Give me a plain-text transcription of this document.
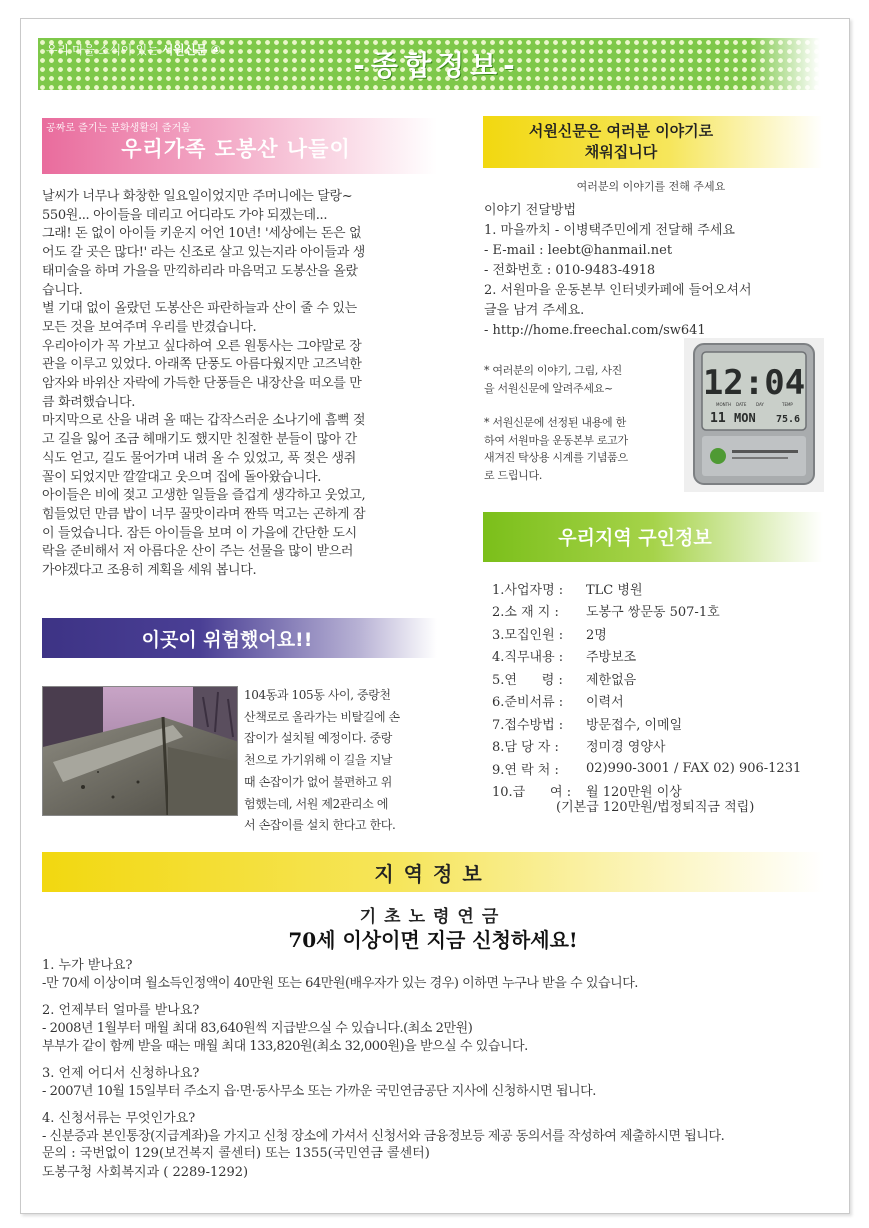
우리 마을 소식이 있는 서원신문 ④	-종합정보-
공짜로 즐기는 문화생활의 즐거움
우리가족 도봉산 나들이
날씨가 너무나 화창한 일요일이었지만 주머니에는 달랑~
550원... 아이들을 데리고 어디라도 가야 되겠는데...
그래! 돈 없이 아이들 키운지 어언 10년! '세상에는 돈은 없
어도 갈 곳은 많다!' 라는 신조로 살고 있는지라 아이들과 생
태미술을 하며 가을을 만끽하리라 마음먹고 도봉산을 올랐
습니다.
별 기대 없이 올랐던 도봉산은 파란하늘과 산이 줄 수 있는
모든 것을 보여주며 우리를 반겼습니다.
우리아이가 꼭 가보고 싶다하여 오른 원통사는 그야말로 장
관을 이루고 있었다. 아래쪽 단풍도 아름다웠지만 고즈넉한
암자와 바위산 자락에 가득한 단풍들은 내장산을 떠오를 만
큼 화려했습니다.
마지막으로 산을 내려 올 때는 갑작스러운 소나기에 흠뻑 젖
고 길을 잃어 조금 헤매기도 했지만 친절한 분들이 많아 간
식도 얻고, 길도 물어가며 내려 올 수 있었고, 푹 젖은 생쥐
꼴이 되었지만 깔깔대고 웃으며 집에 돌아왔습니다.
아이들은 비에 젖고 고생한 일들을 즐겁게 생각하고 웃었고,
힘들었던 만큼 밥이 너무 꿀맛이라며 짠뜩 먹고는 곤하게 잠
이 들었습니다. 잠든 아이들을 보며 이 가을에 간단한 도시
락을 준비해서 저 아름다운 산이 주는 선물을 많이 받으러
가야겠다고 조용히 계획을 세워 봅니다.
이곳이 위험했어요!!
104동과 105동 사이, 중랑천
산책로로 올라가는 비탈길에 손
잡이가 설치될 예정이다. 중랑
천으로 가기위해 이 길을 지날
때 손잡이가 없어 불편하고 위
험했는데, 서원 제2관리소 에
서 손잡이를 설치 한다고 한다.
서원신문은 여러분 이야기로
채워집니다
여러분의 이야기를 전해 주세요
이야기 전달방법
1. 마을까치 - 이병택주민에게 전달해 주세요
- E-mail : leebt@hanmail.net
- 전화번호 : 010-9483-4918
2. 서원마을 운동본부 인터넷카페에 들어오셔서
글을 남겨 주세요.
- http://home.freechal.com/sw641
* 여러분의 이야기, 그림, 사진
을 서원신문에 알려주세요~
* 서원신문에 선정된 내용에 한
하여 서원마을 운동본부 로고가
새겨진 탁상용 시계를 기념품으
로 드립니다.
12:04
MONTH DATE DAY	TEMP
11 MON 75.6
우리지역 구인정보
1.사업자명 :	TLC 병원
2.소 재 지 :	도봉구 쌍문동 507-1호
3.모집인원 :	2명
4.직무내용 :	주방보조
5.연      령 :	제한없음
6.준비서류 :	이력서
7.접수방법 :	방문접수, 이메일
8.담 당 자 :	정미경 영양사
9.연 락 처 :	02)990-3001 / FAX 02) 906-1231
10.급      여 :	월 120만원 이상
(기본급 120만원/법정퇴직금 적립)
지역정보
기초노령연금
70세 이상이면 지금 신청하세요!
1. 누가 받나요?
-만 70세 이상이며 월소득인정액이 40만원 또는 64만원(배우자가 있는 경우) 이하면 누구나 받을 수 있습니다.
2. 언제부터 얼마를 받나요?
- 2008년 1월부터 매월 최대 83,640원씩 지급받으실 수 있습니다.(최소 2만원)
부부가 같이 함께 받을 때는 매월 최대 133,820원(최소 32,000원)을 받으실 수 있습니다.
3. 언제 어디서 신청하나요?
- 2007년 10월 15일부터 주소지 읍·면·동사무소 또는 가까운 국민연금공단 지사에 신청하시면 됩니다.
4. 신청서류는 무엇인가요?
- 신분증과 본인통장(지급계좌)을 가지고 신청 장소에 가셔서 신청서와 금융정보등 제공 동의서를 작성하여 제출하시면 됩니다.
문의 : 국번없이 129(보건복지 콜센터) 또는 1355(국민연금 콜센터)
도봉구청 사회복지과 ( 2289-1292)
